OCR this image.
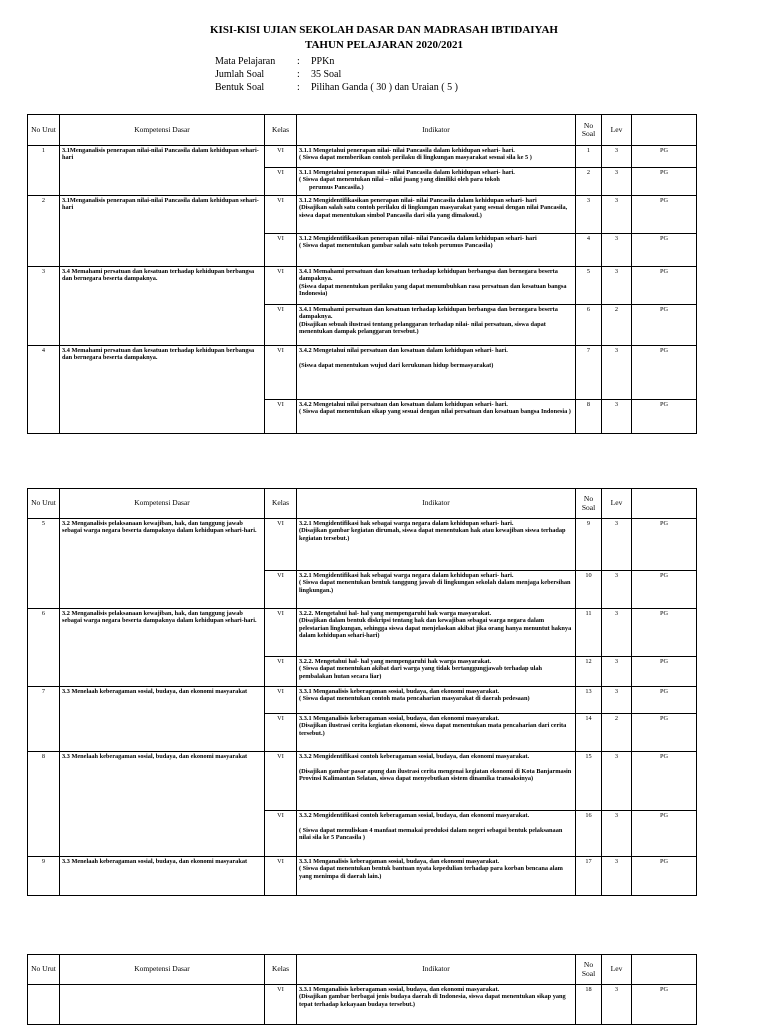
KISI-KISI UJIAN SEKOLAH DASAR DAN MADRASAH IBTIDAIYAH
TAHUN PELAJARAN 2020/2021
Mata Pelajaran	:	PPKn
Jumlah Soal	:	35 Soal
Bentuk Soal	:	Pilihan Ganda ( 30 ) dan Uraian ( 5 )
No Urut	Kompetensi Dasar	Kelas	Indikator	No Soal	Lev	
1	3.1Menganalisis penerapan nilai-nilai Pancasila dalam kehidupan sehari-hari	VI	3.1.1 Mengetahui penerapan nilai- nilai Pancasila dalam kehidupan sehari- hari.
( Siswa dapat memberikan contoh perilaku di lingkungan masyarakat sesuai sila ke 5 )	1	3	PG
		VI	3.1.1 Mengetahui penerapan nilai- nilai Pancasila dalam kehidupan sehari- hari.
( Siswa dapat menentukan nilai – nilai juang yang dimiliki oleh para tokoh
perumus Pancasila.)	2	3	PG
2	3.1Menganalisis penerapan nilai-nilai Pancasila dalam kehidupan sehari-hari	VI	3.1.2 Mengidentifikasikan penerapan nilai- nilai Pancasila dalam kehidupan sehari- hari
(Disajikan salah satu contoh perilaku di lingkungan masyarakat yang sesuai dengan nilai Pancasila, siswa dapat menentukan simbol Pancasila dari sila yang dimaksud.)	3	3	PG
		VI	3.1.2 Mengidentifikasikan penerapan nilai- nilai Pancasila dalam kehidupan sehari- hari
( Siswa dapat menentukan gambar salah satu tokoh perumus Pancasila)	4	3	PG
3	3.4 Memahami persatuan dan kesatuan terhadap kehidupan berbangsa dan bernegara beserta dampaknya.	VI	3.4.1 Memahami persatuan dan kesatuan terhadap kehidupan berbangsa dan bernegara beserta dampaknya.
(Siswa dapat menentukan perilaku yang dapat menumbuhkan rasa persatuan dan kesatuan bangsa Indonesia)	5	3	PG
		VI	3.4.1 Memahami persatuan dan kesatuan terhadap kehidupan berbangsa dan bernegara beserta dampaknya.
(Disajikan sebuah ilustrasi tentang pelanggaran terhadap nilai- nilai persatuan, siswa dapat menentukan dampak pelanggaran tersebut.)	6	2	PG
4	3.4 Memahami persatuan dan kesatuan terhadap kehidupan berbangsa dan bernegara beserta dampaknya.	VI	3.4.2 Mengetahui nilai persatuan dan kesatuan dalam kehidupan sehari- hari.

(Siswa dapat menentukan wujud dari kerukunan hidup bermasyarakat)	7	3	PG
		VI	3.4.2 Mengetahui nilai persatuan dan kesatuan dalam kehidupan sehari- hari.
( Siswa dapat menentukan sikap yang sesuai dengan nilai persatuan dan kesatuan bangsa Indonesia )	8	3	PG
No Urut	Kompetensi Dasar	Kelas	Indikator	No Soal	Lev	
5	3.2 Menganalisis pelaksanaan kewajiban, hak, dan tanggung jawab sebagai warga negara beserta dampaknya dalam kehidupan sehari-hari.	VI	3.2.1 Mengidentifikasi hak sebagai warga negara dalam kehidupan sehari- hari.
(Disajikan gambar kegiatan dirumah, siswa dapat menentukan hak atau kewajiban siswa terhadap kegiatan tersebut.)	9	3	PG
		VI	3.2.1 Mengidentifikasi hak sebagai warga negara dalam kehidupan sehari- hari.
( Siswa dapat menentukan bentuk tanggung jawab di lingkungan sekolah dalam menjaga kebersihan lingkungan.)	10	3	PG
6	3.2 Menganalisis pelaksanaan kewajiban, hak, dan tanggung jawab sebagai warga negara beserta dampaknya dalam kehidupan sehari-hari.	VI	3.2.2. Mengetahui hal- hal yang mempengaruhi hak warga masyarakat.
(Disajikan dalam bentuk diskripsi tentang hak dan kewajiban sebagai warga negara dalam pelestarian lingkungan, sehingga siswa dapat menjelaskan akibat jika orang hanya menuntut haknya dalam kehidupan sehari-hari)	11	3	PG
		VI	3.2.2. Mengetahui hal- hal yang mempengaruhi hak warga masyarakat.
( Siswa dapat menentukan akibat dari warga yang tidak bertanggungjawab terhadap ulah pembalakan hutan secara liar)	12	3	PG
7	3.3 Menelaah keberagaman sosial, budaya, dan ekonomi masyarakat	VI	3.3.1 Menganalisis keberagaman sosial, budaya, dan ekonomi masyarakat.
( Siswa dapat menentukan contoh mata pencaharian masyarakat di daerah pedesaan)	13	3	PG
		VI	3.3.1 Menganalisis keberagaman sosial, budaya, dan ekonomi masyarakat.
(Disajikan ilustrasi cerita kegiatan ekonomi, siswa dapat menentukan mata pencaharian dari cerita tersebut.)	14	2	PG
8	3.3 Menelaah keberagaman sosial, budaya, dan ekonomi masyarakat	VI	3.3.2 Mengidentifikasi contoh keberagaman sosial, budaya, dan ekonomi masyarakat.

(Disajikan gambar pasar apung dan ilustrasi cerita mengenai kegiatan ekonomi di Kota Banjarmasin Provinsi Kalimantan Selatan, siswa dapat menyebutkan sistem dinamika transaksinya)	15	3	PG
		VI	3.3.2 Mengidentifikasi contoh keberagaman sosial, budaya, dan ekonomi masyarakat.

( Siswa dapat menuliskan 4 manfaat memakai produksi dalam negeri sebagai bentuk pelaksanaan nilai sila ke 5 Pancasila )	16	3	PG
9	3.3 Menelaah keberagaman sosial, budaya, dan ekonomi masyarakat	VI	3.3.1 Menganalisis keberagaman sosial, budaya, dan ekonomi masyarakat.
( Siswa dapat menentukan bentuk bantuan nyata kepedulian terhadap para korban bencana alam yang menimpa di daerah lain.)	17	3	PG
No Urut	Kompetensi Dasar	Kelas	Indikator	No Soal	Lev	
		VI	3.3.1 Menganalisis keberagaman sosial, budaya, dan ekonomi masyarakat.
(Disajikan gambar berbagai jenis budaya daerah di Indonesia, siswa dapat menentukan sikap yang tepat terhadap kekayaan budaya tersebut.)	18	3	PG
